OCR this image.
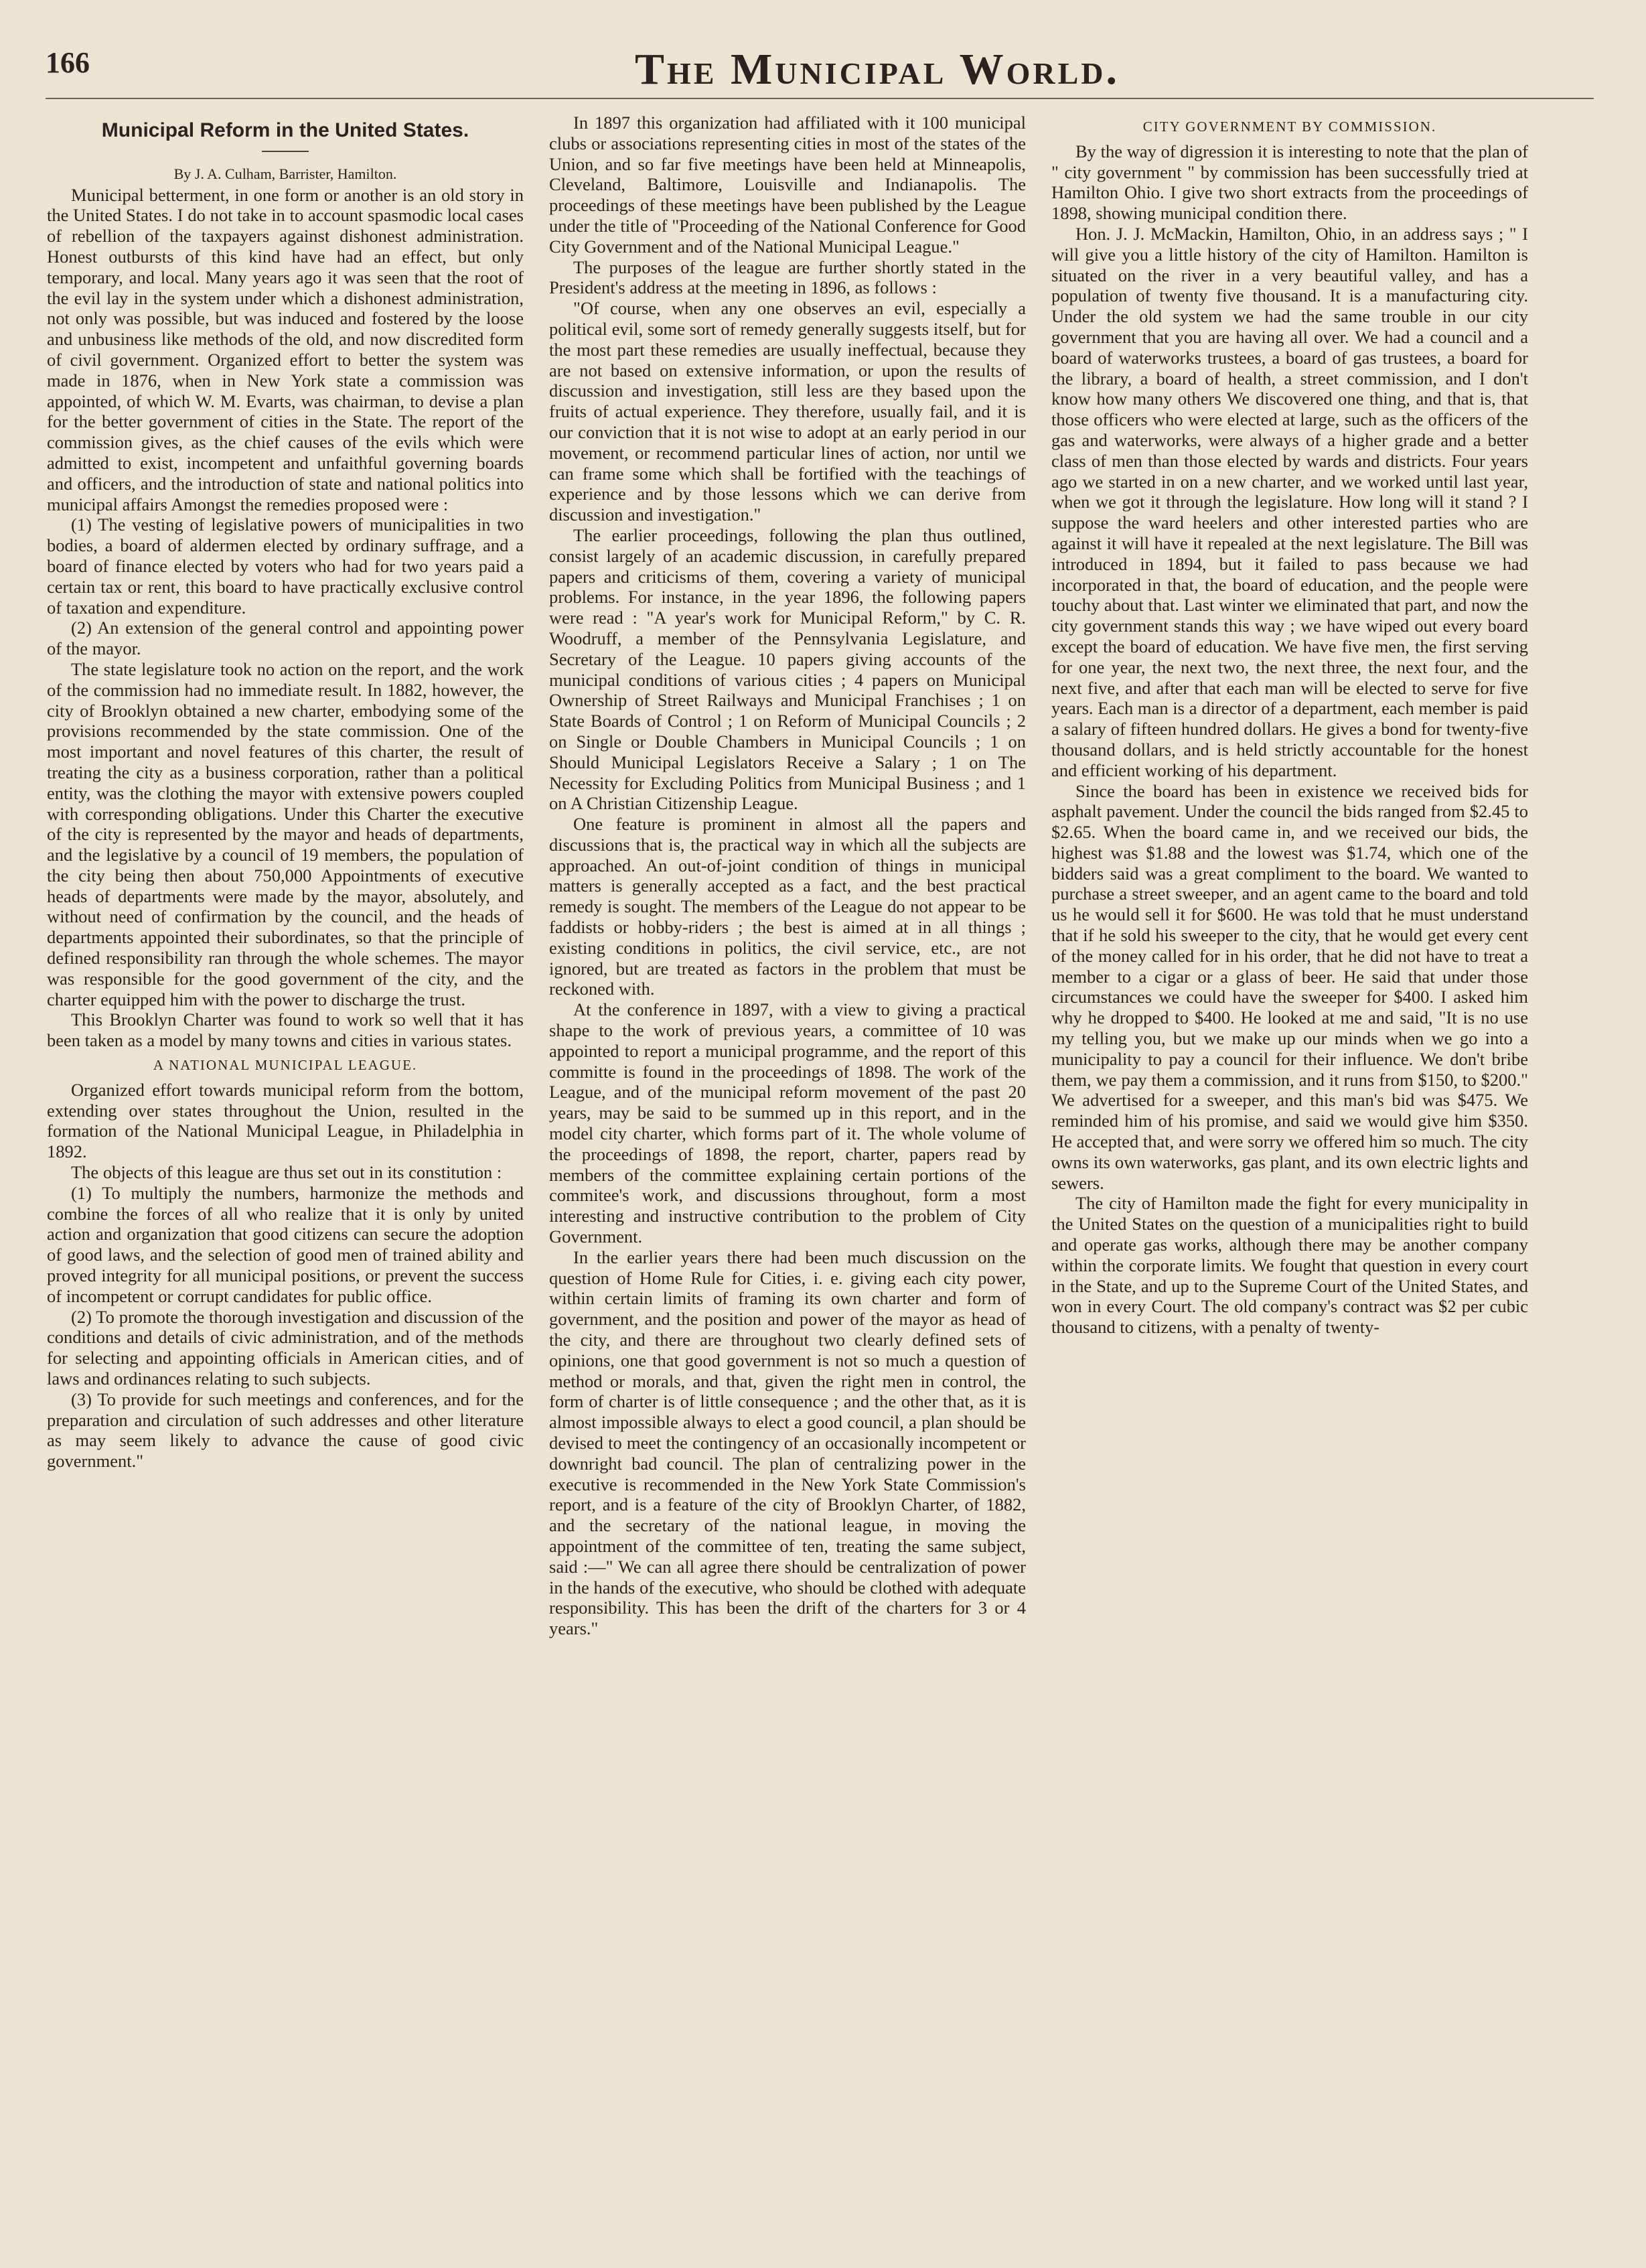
166	The Municipal World.
Municipal Reform in the United States.

By J. A. Culham, Barrister, Hamilton.

Municipal betterment, in one form or another is an old story in the United States. I do not take in to account spasmodic local cases of rebellion of the taxpayers against dishonest administration. Honest outbursts of this kind have had an effect, but only temporary, and local. Many years ago it was seen that the root of the evil lay in the system under which a dishonest administration, not only was possible, but was induced and fostered by the loose and unbusiness like methods of the old, and now discredited form of civil government. Organized effort to better the system was made in 1876, when in New York state a commission was appointed, of which W. M. Evarts, was chairman, to devise a plan for the better government of cities in the State. The report of the commission gives, as the chief causes of the evils which were admitted to exist, incompetent and unfaithful governing boards and officers, and the introduction of state and national politics into municipal affairs Amongst the remedies proposed were :

(1) The vesting of legislative powers of municipalities in two bodies, a board of aldermen elected by ordinary suffrage, and a board of finance elected by voters who had for two years paid a certain tax or rent, this board to have practically exclusive control of taxation and expenditure.

(2) An extension of the general control and appointing power of the mayor.

The state legislature took no action on the report, and the work of the commission had no immediate result. In 1882, however, the city of Brooklyn obtained a new charter, embodying some of the provisions recommended by the state commission. One of the most important and novel features of this charter, the result of treating the city as a business corporation, rather than a political entity, was the clothing the mayor with extensive powers coupled with corresponding obligations. Under this Charter the executive of the city is represented by the mayor and heads of departments, and the legislative by a council of 19 members, the population of the city being then about 750,000 Appointments of executive heads of departments were made by the mayor, absolutely, and without need of confirmation by the council, and the heads of departments appointed their subordinates, so that the principle of defined responsibility ran through the whole schemes. The mayor was responsible for the good government of the city, and the charter equipped him with the power to discharge the trust.

This Brooklyn Charter was found to work so well that it has been taken as a model by many towns and cities in various states.

A NATIONAL MUNICIPAL LEAGUE.

Organized effort towards municipal reform from the bottom, extending over states throughout the Union, resulted in the formation of the National Municipal League, in Philadelphia in 1892.

The objects of this league are thus set out in its constitution :

(1) To multiply the numbers, harmonize the methods and combine the forces of all who realize that it is only by united action and organization that good citizens can secure the adoption of good laws, and the selection of good men of trained ability and proved integrity for all municipal positions, or prevent the success of incompetent or corrupt candidates for public office.

(2) To promote the thorough investigation and discussion of the conditions and details of civic administration, and of the methods for selecting and appointing officials in American cities, and of laws and ordinances relating to such subjects.

(3) To provide for such meetings and conferences, and for the preparation and circulation of such addresses and other literature as may seem likely to advance the cause of good civic government."

In 1897 this organization had affiliated with it 100 municipal clubs or associations representing cities in most of the states of the Union, and so far five meetings have been held at Minneapolis, Cleveland, Baltimore, Louisville and Indianapolis. The proceedings of these meetings have been published by the League under the title of "Proceeding of the National Conference for Good City Government and of the National Municipal League."

The purposes of the league are further shortly stated in the President's address at the meeting in 1896, as follows :

"Of course, when any one observes an evil, especially a political evil, some sort of remedy generally suggests itself, but for the most part these remedies are usually ineffectual, because they are not based on extensive information, or upon the results of discussion and investigation, still less are they based upon the fruits of actual experience. They therefore, usually fail, and it is our conviction that it is not wise to adopt at an early period in our movement, or recommend particular lines of action, nor until we can frame some which shall be fortified with the teachings of experience and by those lessons which we can derive from discussion and investigation."

The earlier proceedings, following the plan thus outlined, consist largely of an academic discussion, in carefully prepared papers and criticisms of them, covering a variety of municipal problems. For instance, in the year 1896, the following papers were read : "A year's work for Municipal Reform," by C. R. Woodruff, a member of the Pennsylvania Legislature, and Secretary of the League. 10 papers giving accounts of the municipal conditions of various cities ; 4 papers on Municipal Ownership of Street Railways and Municipal Franchises ; 1 on State Boards of Control ; 1 on Reform of Municipal Councils ; 2 on Single or Double Chambers in Municipal Councils ; 1 on Should Municipal Legislators Receive a Salary ; 1 on The Necessity for Excluding Politics from Municipal Business ; and 1 on A Christian Citizenship League.

One feature is prominent in almost all the papers and discussions that is, the practical way in which all the subjects are approached. An out-of-joint condition of things in municipal matters is generally accepted as a fact, and the best practical remedy is sought. The members of the League do not appear to be faddists or hobby-riders ; the best is aimed at in all things ; existing conditions in politics, the civil service, etc., are not ignored, but are treated as factors in the problem that must be reckoned with.

At the conference in 1897, with a view to giving a practical shape to the work of previous years, a committee of 10 was appointed to report a municipal programme, and the report of this committe is found in the proceedings of 1898. The work of the League, and of the municipal reform movement of the past 20 years, may be said to be summed up in this report, and in the model city charter, which forms part of it. The whole volume of the proceedings of 1898, the report, charter, papers read by members of the committee explaining certain portions of the commitee's work, and discussions throughout, form a most interesting and instructive contribution to the problem of City Government.

In the earlier years there had been much discussion on the question of Home Rule for Cities, i. e. giving each city power, within certain limits of framing its own charter and form of government, and the position and power of the mayor as head of the city, and there are throughout two clearly defined sets of opinions, one that good government is not so much a question of method or morals, and that, given the right men in control, the form of charter is of little consequence ; and the other that, as it is almost impossible always to elect a good council, a plan should be devised to meet the contingency of an occasionally incompetent or downright bad council. The plan of centralizing power in the executive is recommended in the New York State Commission's report, and is a feature of the city of Brooklyn Charter, of 1882, and the secretary of the national league, in moving the appointment of the committee of ten, treating the same subject, said :—" We can all agree there should be centralization of power in the hands of the executive, who should be clothed with adequate responsibility. This has been the drift of the charters for 3 or 4 years."

CITY GOVERNMENT BY COMMISSION.

By the way of digression it is interesting to note that the plan of " city government " by commission has been successfully tried at Hamilton Ohio. I give two short extracts from the proceedings of 1898, showing municipal condition there.

Hon. J. J. McMackin, Hamilton, Ohio, in an address says ; " I will give you a little history of the city of Hamilton. Hamilton is situated on the river in a very beautiful valley, and has a population of twenty five thousand. It is a manufacturing city. Under the old system we had the same trouble in our city government that you are having all over. We had a council and a board of waterworks trustees, a board of gas trustees, a board for the library, a board of health, a street commission, and I don't know how many others We discovered one thing, and that is, that those officers who were elected at large, such as the officers of the gas and waterworks, were always of a higher grade and a better class of men than those elected by wards and districts. Four years ago we started in on a new charter, and we worked until last year, when we got it through the legislature. How long will it stand ? I suppose the ward heelers and other interested parties who are against it will have it repealed at the next legislature. The Bill was introduced in 1894, but it failed to pass because we had incorporated in that, the board of education, and the people were touchy about that. Last winter we eliminated that part, and now the city government stands this way ; we have wiped out every board except the board of education. We have five men, the first serving for one year, the next two, the next three, the next four, and the next five, and after that each man will be elected to serve for five years. Each man is a director of a department, each member is paid a salary of fifteen hundred dollars. He gives a bond for twenty-five thousand dollars, and is held strictly accountable for the honest and efficient working of his department.

Since the board has been in existence we received bids for asphalt pavement. Under the council the bids ranged from $2.45 to $2.65. When the board came in, and we received our bids, the highest was $1.88 and the lowest was $1.74, which one of the bidders said was a great compliment to the board. We wanted to purchase a street sweeper, and an agent came to the board and told us he would sell it for $600. He was told that he must understand that if he sold his sweeper to the city, that he would get every cent of the money called for in his order, that he did not have to treat a member to a cigar or a glass of beer. He said that under those circumstances we could have the sweeper for $400. I asked him why he dropped to $400. He looked at me and said, "It is no use my telling you, but we make up our minds when we go into a municipality to pay a council for their influence. We don't bribe them, we pay them a commission, and it runs from $150, to $200." We advertised for a sweeper, and this man's bid was $475. We reminded him of his promise, and said we would give him $350. He accepted that, and were sorry we offered him so much. The city owns its own waterworks, gas plant, and its own electric lights and sewers.

The city of Hamilton made the fight for every municipality in the United States on the question of a municipalities right to build and operate gas works, although there may be another company within the corporate limits. We fought that question in every court in the State, and up to the Supreme Court of the United States, and won in every Court. The old company's contract was $2 per cubic thousand to citizens, with a penalty of twenty-
